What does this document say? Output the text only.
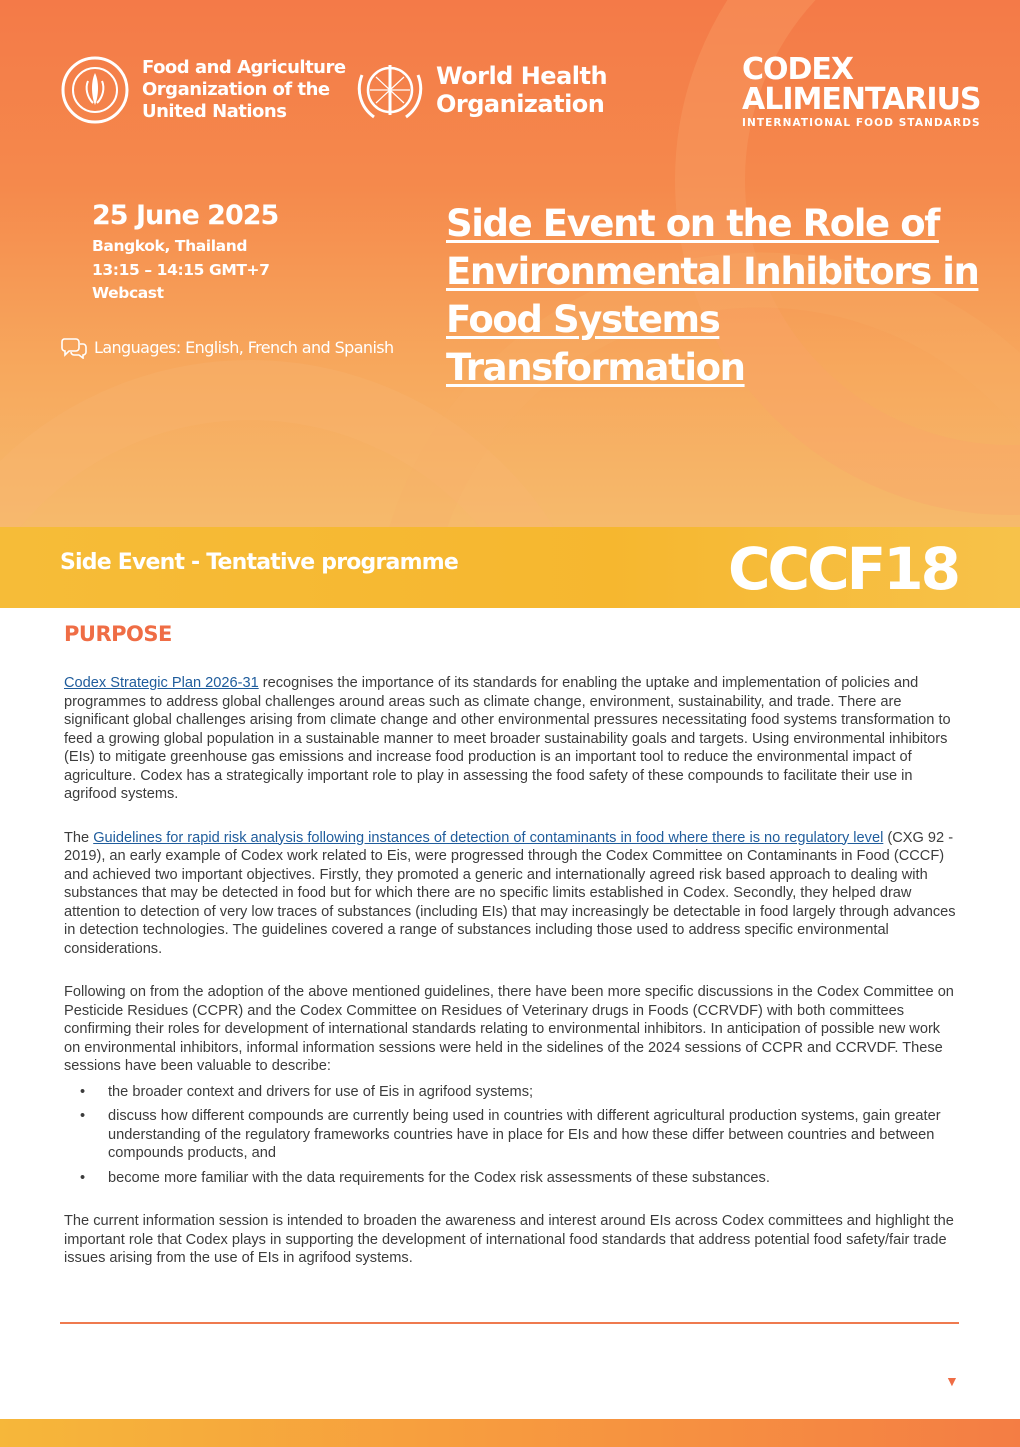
Food and Agriculture
Organization of the
United Nations
World Health
Organization
CODEX
ALIMENTARIUS
INTERNATIONAL FOOD STANDARDS
25 June 2025
Bangkok, Thailand
13:15 – 14:15 GMT+7
Webcast
Languages: English, French and Spanish
Side Event on the Role of Environmental Inhibitors in Food Systems Transformation
Side Event - Tentative programme	CCCF18
PURPOSE

Codex Strategic Plan 2026-31 recognises the importance of its standards for enabling the uptake and implementation of policies and programmes to address global challenges around areas such as climate change, environment, sustainability, and trade. There are significant global challenges arising from climate change and other environmental pressures necessitating food systems transformation to feed a growing global population in a sustainable manner to meet broader sustainability goals and targets. Using environmental inhibitors (EIs) to mitigate greenhouse gas emissions and increase food production is an important tool to reduce the environmental impact of agriculture. Codex has a strategically important role to play in assessing the food safety of these compounds to facilitate their use in agrifood systems.

The Guidelines for rapid risk analysis following instances of detection of contaminants in food where there is no regulatory level (CXG 92 - 2019), an early example of Codex work related to Eis, were progressed through the Codex Committee on Contaminants in Food (CCCF) and achieved two important objectives. Firstly, they promoted a generic and internationally agreed risk based approach to dealing with substances that may be detected in food but for which there are no specific limits established in Codex. Secondly, they helped draw attention to detection of very low traces of substances (including EIs) that may increasingly be detectable in food largely through advances in detection technologies. The guidelines covered a range of substances including those used to address specific environmental considerations.

Following on from the adoption of the above mentioned guidelines, there have been more specific discussions in the Codex Committee on Pesticide Residues (CCPR) and the Codex Committee on Residues of Veterinary drugs in Foods (CCRVDF) with both committees confirming their roles for development of international standards relating to environmental inhibitors. In anticipation of possible new work on environmental inhibitors, informal information sessions were held in the sidelines of the 2024 sessions of CCPR and CCRVDF. These sessions have been valuable to describe:

• the broader context and drivers for use of Eis in agrifood systems;
• discuss how different compounds are currently being used in countries with different agricultural production systems, gain greater understanding of the regulatory frameworks countries have in place for EIs and how these differ between countries and between compounds products, and
• become more familiar with the data requirements for the Codex risk assessments of these substances.

The current information session is intended to broaden the awareness and interest around EIs across Codex committees and highlight the important role that Codex plays in supporting the development of international food standards that address potential food safety/fair trade issues arising from the use of EIs in agrifood systems.

▼
